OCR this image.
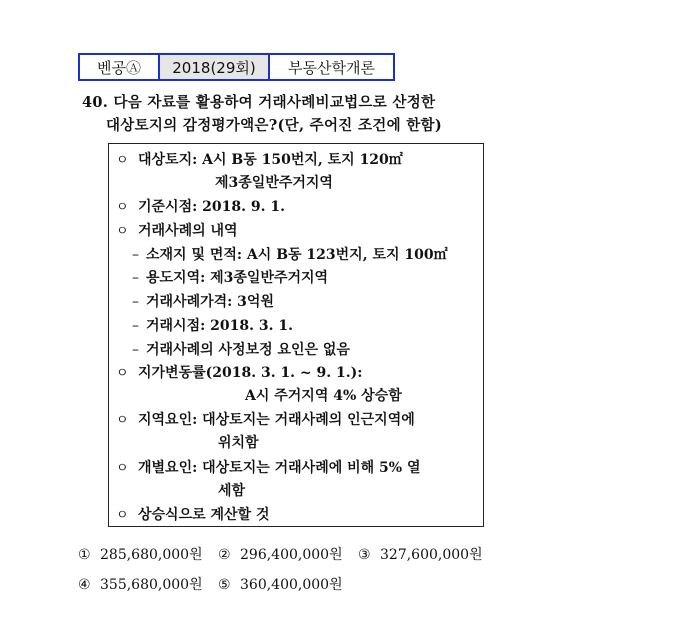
벤공Ⓐ	2018(29회)	부동산학개론
40. 다음 자료를 활용하여 거래사례비교법으로 산정한
대상토지의 감정평가액은?(단, 주어진 조건에 한함)
ㅇ 대상토지: A시 B동 150번지, 토지 120㎡
제3종일반주거지역
ㅇ 기준시점: 2018. 9. 1.
ㅇ 거래사례의 내역
– 소재지 및 면적: A시 B동 123번지, 토지 100㎡
– 용도지역: 제3종일반주거지역
– 거래사례가격: 3억원
– 거래시점: 2018. 3. 1.
– 거래사례의 사정보정 요인은 없음
ㅇ 지가변동률(2018. 3. 1. ~ 9. 1.):
A시 주거지역 4% 상승함
ㅇ 지역요인: 대상토지는 거래사례의 인근지역에
위치함
ㅇ 개별요인: 대상토지는 거래사례에 비해 5% 열
세함
ㅇ 상승식으로 계산할 것
① 285,680,000원 ② 296,400,000원 ③ 327,600,000원
④ 355,680,000원 ⑤ 360,400,000원
